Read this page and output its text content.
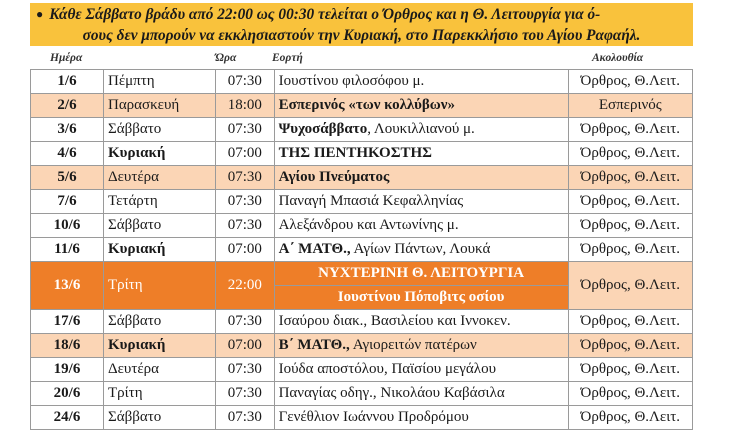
● Κάθε Σάββατο βράδυ από 22:00 ως 00:30 τελείται ο Όρθρος και η Θ. Λειτουργία για ό-
σους δεν μπορούν να εκκλησιαστούν την Κυριακή, στο Παρεκκλήσιο του Αγίου Ραφαήλ.
Ημέρα	Ώρα	Εορτή	Ακολουθία
1/6	Πέμπτη	07:30	Ιουστίνου φιλοσόφου μ.	Όρθρος, Θ.Λειτ.
2/6	Παρασκευή	18:00	Εσπερινός «των κολλύβων»	Εσπερινός
3/6	Σάββατο	07:30	Ψυχοσάββατο, Λουκιλλιανού μ.	Όρθρος, Θ.Λειτ.
4/6	Κυριακή	07:00	ΤΗΣ ΠΕΝΤΗΚΟΣΤΗΣ	Όρθρος, Θ.Λειτ.
5/6	Δευτέρα	07:30	Αγίου Πνεύματος	Όρθρος, Θ.Λειτ.
7/6	Τετάρτη	07:30	Παναγή Μπασιά Κεφαλληνίας	Όρθρος, Θ.Λειτ.
10/6	Σάββατο	07:30	Αλεξάνδρου και Αντωνίνης μ.	Όρθρος, Θ.Λειτ.
11/6	Κυριακή	07:00	Α΄ ΜΑΤΘ., Αγίων Πάντων, Λουκά	Όρθρος, Θ.Λειτ.
13/6	Τρίτη	22:00	ΝΥΧΤΕΡΙΝΗ Θ. ΛΕΙΤΟΥΡΓΙΑ	Όρθρος, Θ.Λειτ.
			Ιουστίνου Πόποβιτς οσίου	
17/6	Σάββατο	07:30	Ισαύρου διακ., Βασιλείου και Ιννοκεν.	Όρθρος, Θ.Λειτ.
18/6	Κυριακή	07:00	Β΄ ΜΑΤΘ., Αγιορειτών πατέρων	Όρθρος, Θ.Λειτ.
19/6	Δευτέρα	07:30	Ιούδα αποστόλου, Παϊσίου μεγάλου	Όρθρος, Θ.Λειτ.
20/6	Τρίτη	07:30	Παναγίας οδηγ., Νικολάου Καβάσιλα	Όρθρος, Θ.Λειτ.
24/6	Σάββατο	07:30	Γενέθλιον Ιωάννου Προδρόμου	Όρθρος, Θ.Λειτ.
